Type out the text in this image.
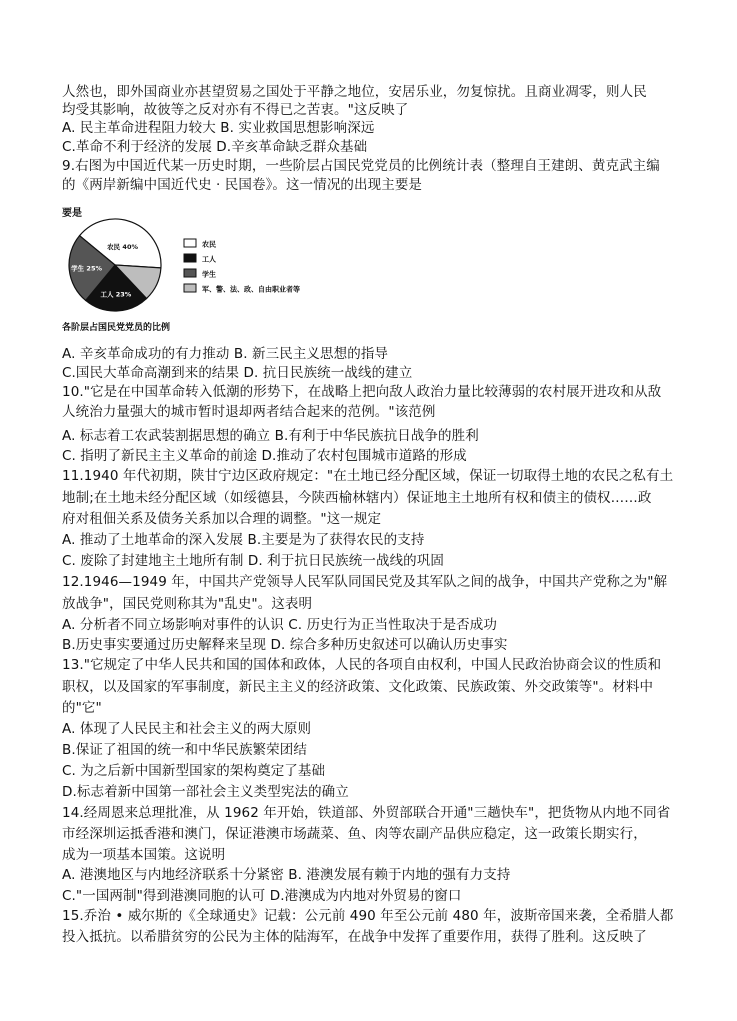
人然也，即外国商业亦甚望贸易之国处于平静之地位，安居乐业，勿复惊扰。且商业凋零，则人民
均受其影响，故彼等之反对亦有不得已之苦衷。"这反映了
A. 民主革命进程阻力较大 B. 实业救国思想影响深远
C.革命不利于经济的发展 D.辛亥革命缺乏群众基础
9.右图为中国近代某一历史时期，一些阶层占国民党党员的比例统计表（整理自王建朗、黄克武主编
的《两岸新编中国近代史 · 民国卷》。这一情况的出现主要是
要是
农民 40%
工人 23%
学生 25%
农民
工人
学生
军、警、法、政、自由职业者等
各阶层占国民党党员的比例
A. 辛亥革命成功的有力推动 B. 新三民主义思想的指导
C.国民大革命高潮到来的结果 D. 抗日民族统一战线的建立
10."它是在中国革命转入低潮的形势下，在战略上把向敌人政治力量比较薄弱的农村展开进攻和从敌
人统治力量强大的城市暂时退却两者结合起来的范例。"该范例
A. 标志着工农武装割据思想的确立 B.有利于中华民族抗日战争的胜利
C. 指明了新民主主义革命的前途 D.推动了农村包围城市道路的形成
11.1940 年代初期，陕甘宁边区政府规定："在土地已经分配区域，保证一切取得土地的农民之私有土
地制;在土地未经分配区域（如绥德县，今陕西榆林辖内）保证地主土地所有权和债主的债权……政
府对租佃关系及债务关系加以合理的调整。"这一规定
A. 推动了土地革命的深入发展 B.主要是为了获得农民的支持
C. 废除了封建地主土地所有制 D. 利于抗日民族统一战线的巩固
12.1946—1949 年，中国共产党领导人民军队同国民党及其军队之间的战争，中国共产党称之为"解
放战争"，国民党则称其为"乱史"。这表明
A. 分析者不同立场影响对事件的认识 C. 历史行为正当性取决于是否成功
B.历史事实要通过历史解释来呈现 D. 综合多种历史叙述可以确认历史事实
13."它规定了中华人民共和国的国体和政体，人民的各项自由权利，中国人民政治协商会议的性质和
职权，以及国家的军事制度，新民主主义的经济政策、文化政策、民族政策、外交政策等"。材料中
的"它"
A. 体现了人民民主和社会主义的两大原则
B.保证了祖国的统一和中华民族繁荣团结
C. 为之后新中国新型国家的架构奠定了基础
D.标志着新中国第一部社会主义类型宪法的确立
14.经周恩来总理批准，从 1962 年开始，铁道部、外贸部联合开通"三趟快车"，把货物从内地不同省
市经深圳运抵香港和澳门，保证港澳市场蔬菜、鱼、肉等农副产品供应稳定，这一政策长期实行，
成为一项基本国策。这说明
A. 港澳地区与内地经济联系十分紧密 B. 港澳发展有赖于内地的强有力支持
C."一国两制"得到港澳同胞的认可 D.港澳成为内地对外贸易的窗口
15.乔治 • 威尔斯的《全球通史》记载：公元前 490 年至公元前 480 年，波斯帝国来袭，全希腊人都
投入抵抗。以希腊贫穷的公民为主体的陆海军，在战争中发挥了重要作用，获得了胜利。这反映了
